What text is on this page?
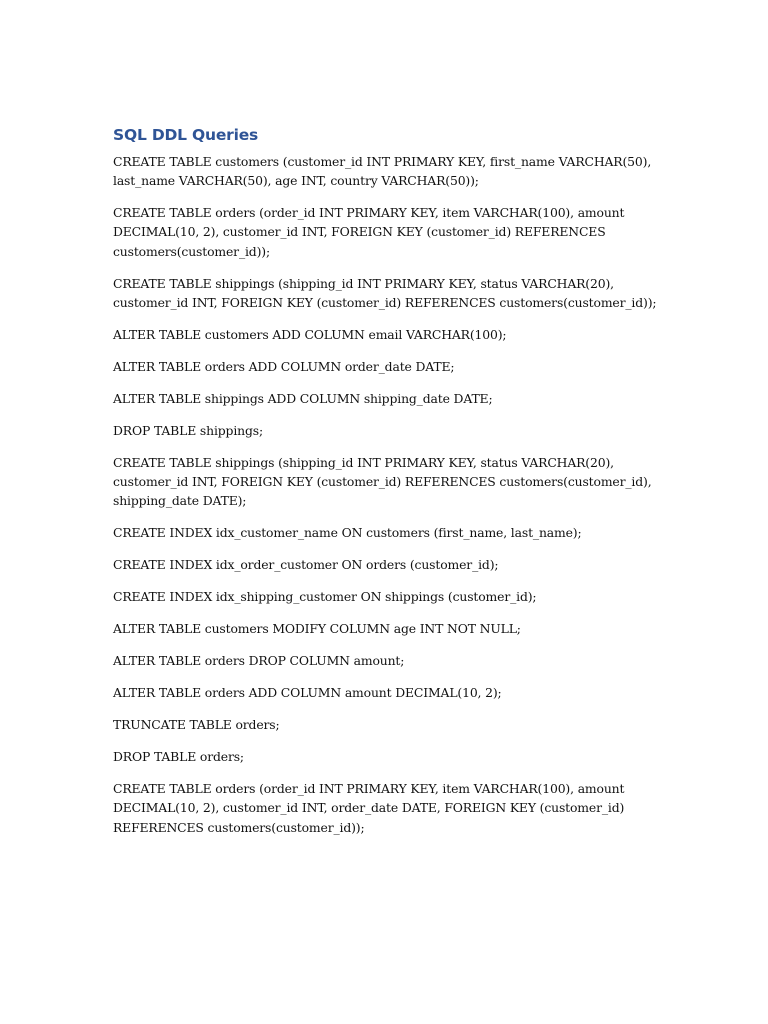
SQL DDL Queries

CREATE TABLE customers (customer_id INT PRIMARY KEY, first_name VARCHAR(50),
last_name VARCHAR(50), age INT, country VARCHAR(50));

CREATE TABLE orders (order_id INT PRIMARY KEY, item VARCHAR(100), amount
DECIMAL(10, 2), customer_id INT, FOREIGN KEY (customer_id) REFERENCES
customers(customer_id));

CREATE TABLE shippings (shipping_id INT PRIMARY KEY, status VARCHAR(20),
customer_id INT, FOREIGN KEY (customer_id) REFERENCES customers(customer_id));

ALTER TABLE customers ADD COLUMN email VARCHAR(100);

ALTER TABLE orders ADD COLUMN order_date DATE;

ALTER TABLE shippings ADD COLUMN shipping_date DATE;

DROP TABLE shippings;

CREATE TABLE shippings (shipping_id INT PRIMARY KEY, status VARCHAR(20),
customer_id INT, FOREIGN KEY (customer_id) REFERENCES customers(customer_id),
shipping_date DATE);

CREATE INDEX idx_customer_name ON customers (first_name, last_name);

CREATE INDEX idx_order_customer ON orders (customer_id);

CREATE INDEX idx_shipping_customer ON shippings (customer_id);

ALTER TABLE customers MODIFY COLUMN age INT NOT NULL;

ALTER TABLE orders DROP COLUMN amount;

ALTER TABLE orders ADD COLUMN amount DECIMAL(10, 2);

TRUNCATE TABLE orders;

DROP TABLE orders;

CREATE TABLE orders (order_id INT PRIMARY KEY, item VARCHAR(100), amount
DECIMAL(10, 2), customer_id INT, order_date DATE, FOREIGN KEY (customer_id)
REFERENCES customers(customer_id));
